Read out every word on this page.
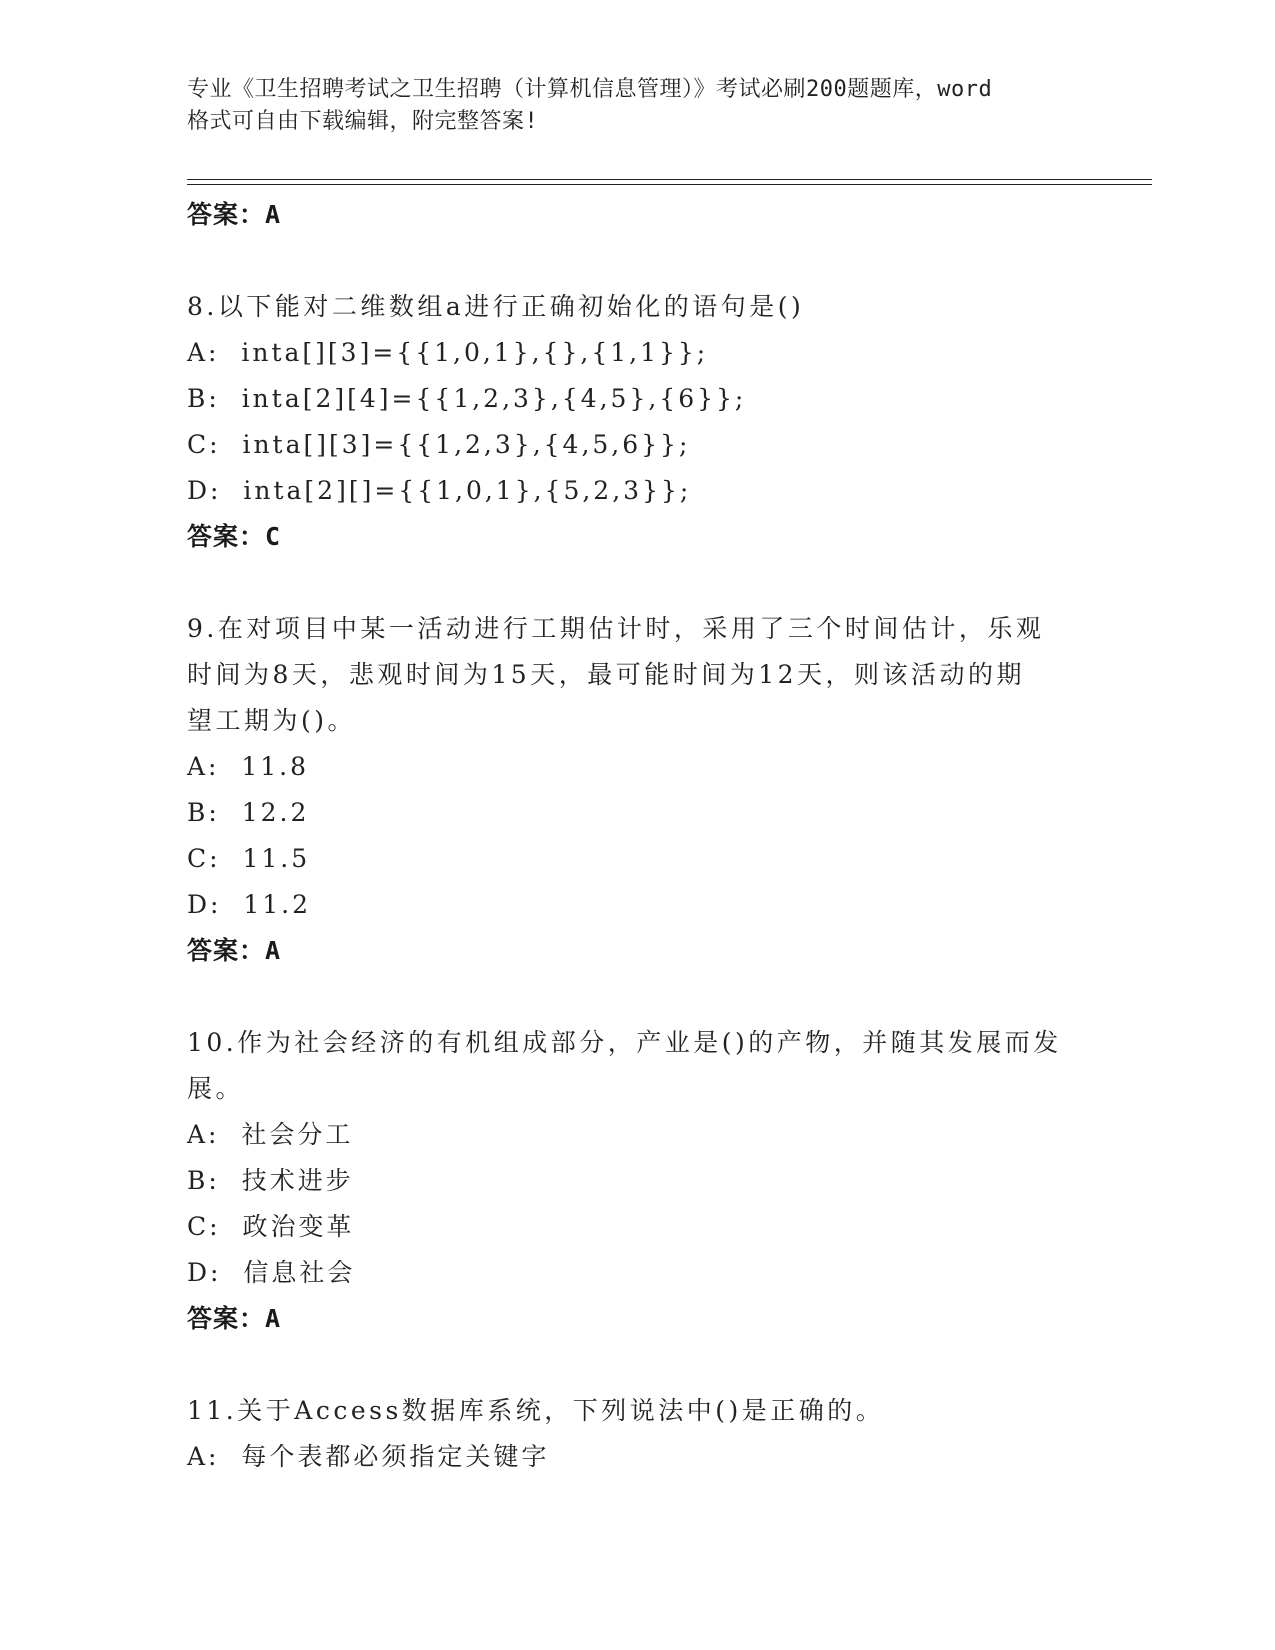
专业《卫生招聘考试之卫生招聘（计算机信息管理）》考试必刷200题题库，word
格式可自由下载编辑，附完整答案!
答案：A
8.以下能对二维数组a进行正确初始化的语句是()
A:  inta[][3]={{1,0,1},{},{1,1}};
B:  inta[2][4]={{1,2,3},{4,5},{6}};
C:  inta[][3]={{1,2,3},{4,5,6}};
D:  inta[2][]={{1,0,1},{5,2,3}};
答案：C
9.在对项目中某一活动进行工期估计时，采用了三个时间估计，乐观
时间为8天，悲观时间为15天，最可能时间为12天，则该活动的期
望工期为()。
A:  11.8
B:  12.2
C:  11.5
D:  11.2
答案：A
10.作为社会经济的有机组成部分，产业是()的产物，并随其发展而发
展。
A:  社会分工
B:  技术进步
C:  政治变革
D:  信息社会
答案：A
11.关于Access数据库系统，下列说法中()是正确的。
A:  每个表都必须指定关键字
